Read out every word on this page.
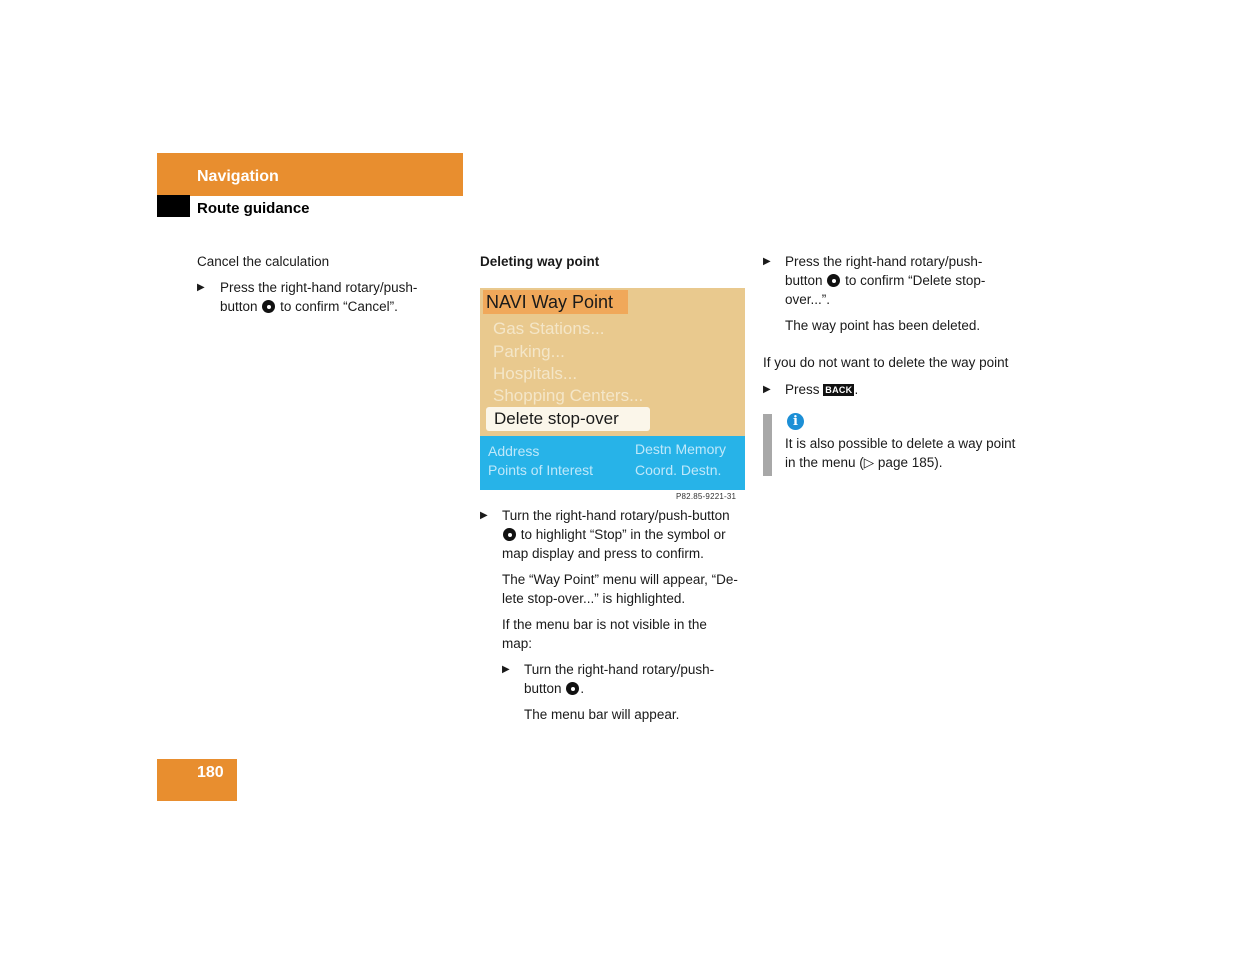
Navigation
Route guidance
Cancel the calculation
▶ Press the right-hand rotary/push-
button to confirm “Cancel”.
Deleting way point
NAVI Way Point
Gas Stations...
Parking...
Hospitals...
Shopping Centers...
Delete stop-over
Address	Destn Memory
Points of Interest	Coord. Destn.
P82.85-9221-31
▶ Turn the right-hand rotary/push-button
to highlight “Stop” in the symbol or
map display and press to confirm.
The “Way Point” menu will appear, “De-
lete stop-over...” is highlighted.
If the menu bar is not visible in the
map:
▶ Turn the right-hand rotary/push-
button .
The menu bar will appear.
▶ Press the right-hand rotary/push-
button to confirm “Delete stop-
over...”.
The way point has been deleted.
If you do not want to delete the way point
▶ Press BACK .
i
It is also possible to delete a way point
in the menu (▷ page 185).
180
